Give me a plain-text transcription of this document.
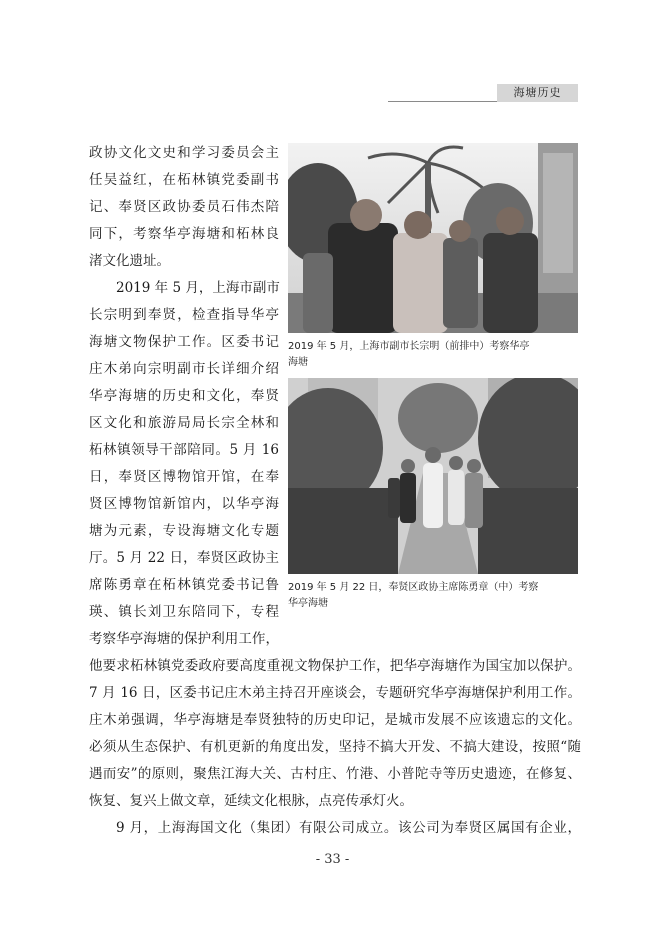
海塘历史
政协文化文史和学习委员会主
任吴益红，在柘林镇党委副书
记、奉贤区政协委员石伟杰陪
同下，考察华亭海塘和柘林良
渚文化遗址。
2019 年 5 月，上海市副市
长宗明到奉贤，检查指导华亭
海塘文物保护工作。区委书记
庄木弟向宗明副市长详细介绍
华亭海塘的历史和文化，奉贤
区文化和旅游局局长宗全林和
柘林镇领导干部陪同。5 月 16
日，奉贤区博物馆开馆，在奉
贤区博物馆新馆内，以华亭海
塘为元素，专设海塘文化专题
厅。5 月 22 日，奉贤区政协主
席陈勇章在柘林镇党委书记鲁
瑛、镇长刘卫东陪同下，专程
考察华亭海塘的保护利用工作，
2019 年 5 月，上海市副市长宗明（前排中）考察华亭
海塘
2019 年 5 月 22 日，奉贤区政协主席陈勇章（中）考察
华亭海塘
他要求柘林镇党委政府要高度重视文物保护工作，把华亭海塘作为国宝加以保护。
7 月 16 日，区委书记庄木弟主持召开座谈会，专题研究华亭海塘保护利用工作。
庄木弟强调，华亭海塘是奉贤独特的历史印记，是城市发展不应该遗忘的文化。
必须从生态保护、有机更新的角度出发，坚持不搞大开发、不搞大建设，按照“随
遇而安”的原则，聚焦江海大关、古村庄、竹港、小普陀寺等历史遗迹，在修复、
恢复、复兴上做文章，延续文化根脉，点亮传承灯火。
9 月，上海海国文化（集团）有限公司成立。该公司为奉贤区属国有企业，
- 33 -
